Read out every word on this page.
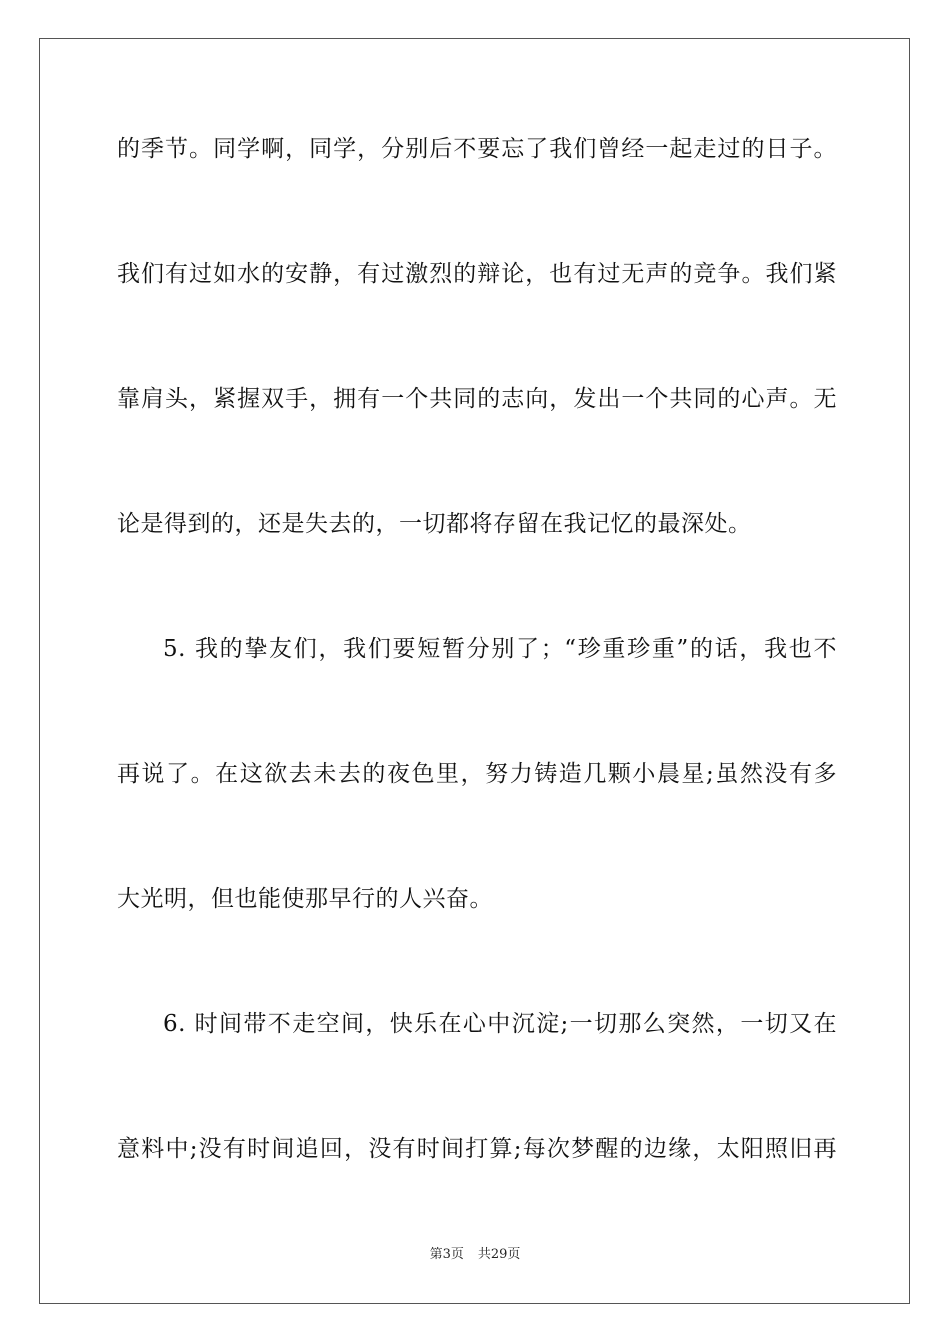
的季节。同学啊，同学，分别后不要忘了我们曾经一起走过的日子。
我们有过如水的安静，有过激烈的辩论，也有过无声的竞争。我们紧
靠肩头，紧握双手，拥有一个共同的志向，发出一个共同的心声。无
论是得到的，还是失去的，一切都将存留在我记忆的最深处。
5. 我的挚友们，我们要短暂分别了；“珍重珍重”的话，我也不
再说了。在这欲去未去的夜色里，努力铸造几颗小晨星;虽然没有多
大光明，但也能使那早行的人兴奋。
6. 时间带不走空间，快乐在心中沉淀;一切那么突然，一切又在
意料中;没有时间追回，没有时间打算;每次梦醒的边缘，太阳照旧再
第3页 共29页
